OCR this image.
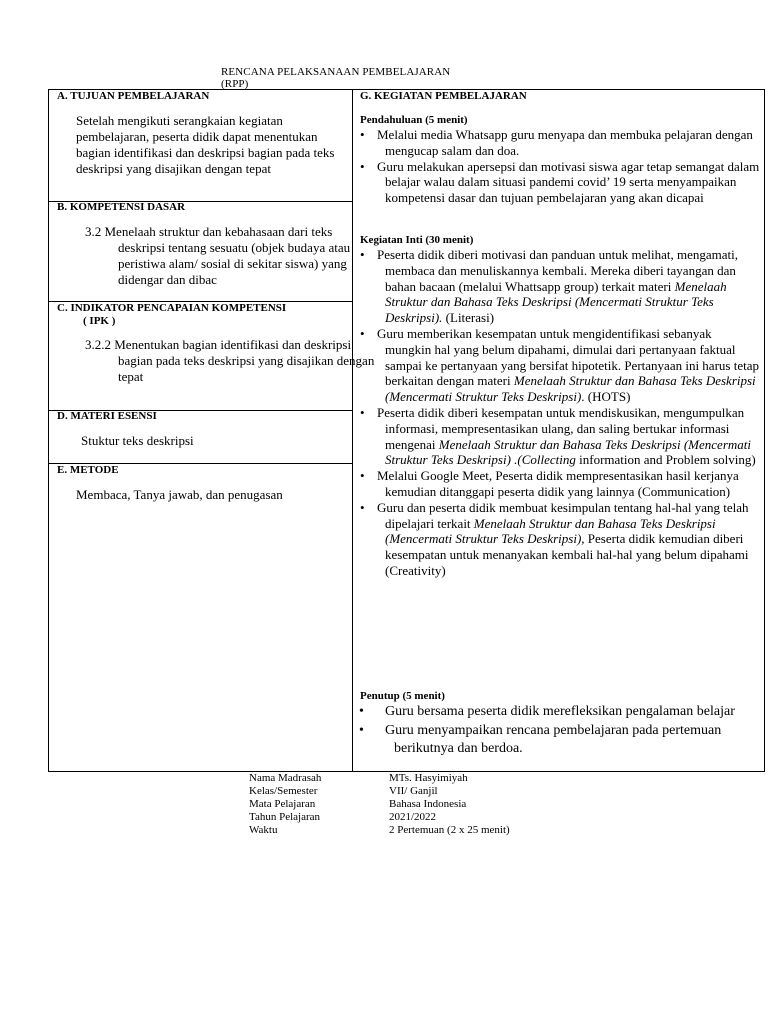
RENCANA PELAKSANAAN PEMBELAJARAN
(RPP)
A. TUJUAN PEMBELAJARAN
Setelah mengikuti serangkaian kegiatan pembelajaran, peserta didik dapat menentukan bagian identifikasi dan deskripsi bagian pada teks deskripsi yang disajikan dengan tepat
B. KOMPETENSI DASAR
3.2 Menelaah struktur dan kebahasaan dari teks deskripsi tentang sesuatu (objek budaya atau peristiwa alam/ sosial di sekitar siswa) yang didengar dan dibac
C. INDIKATOR PENCAPAIAN KOMPETENSI
( IPK )
3.2.2 Menentukan bagian identifikasi dan deskripsi bagian pada teks deskripsi yang disajikan dengan tepat
D. MATERI ESENSI
Stuktur teks deskripsi
E. METODE
Membaca, Tanya jawab, dan penugasan
G. KEGIATAN PEMBELAJARAN
Pendahuluan (5 menit)
• Melalui media Whatsapp guru menyapa dan membuka pelajaran dengan mengucap salam dan doa.
• Guru melakukan apersepsi dan motivasi siswa agar tetap semangat dalam belajar walau dalam situasi pandemi covid’ 19 serta menyampaikan kompetensi dasar dan tujuan pembelajaran yang akan dicapai
Kegiatan Inti (30 menit)
• Peserta didik diberi motivasi dan panduan untuk melihat, mengamati, membaca dan menuliskannya kembali. Mereka diberi tayangan dan bahan bacaan (melalui Whattsapp group) terkait materi Menelaah Struktur dan Bahasa Teks Deskripsi (Mencermati Struktur Teks Deskripsi). (Literasi)
• Guru memberikan kesempatan untuk mengidentifikasi sebanyak mungkin hal yang belum dipahami, dimulai dari pertanyaan faktual sampai ke pertanyaan yang bersifat hipotetik. Pertanyaan ini harus tetap berkaitan dengan materi Menelaah Struktur dan Bahasa Teks Deskripsi (Mencermati Struktur Teks Deskripsi). (HOTS)
• Peserta didik diberi kesempatan untuk mendiskusikan, mengumpulkan informasi, mempresentasikan ulang, dan saling bertukar informasi mengenai Menelaah Struktur dan Bahasa Teks Deskripsi (Mencermati Struktur Teks Deskripsi) .(Collecting information and Problem solving)
• Melalui Google Meet, Peserta didik mempresentasikan hasil kerjanya kemudian ditanggapi peserta didik yang lainnya (Communication)
• Guru dan peserta didik membuat kesimpulan tentang hal-hal yang telah dipelajari terkait Menelaah Struktur dan Bahasa Teks Deskripsi (Mencermati Struktur Teks Deskripsi), Peserta didik kemudian diberi kesempatan untuk menanyakan kembali hal-hal yang belum dipahami (Creativity)
Penutup (5 menit)
• Guru bersama peserta didik merefleksikan pengalaman belajar
• Guru menyampaikan rencana pembelajaran pada pertemuan berikutnya dan berdoa.
Nama Madrasah
Kelas/Semester
Mata Pelajaran
Tahun Pelajaran
Waktu
MTs. Hasyimiyah
VII/ Ganjil
Bahasa Indonesia
2021/2022
2 Pertemuan (2 x 25 menit)
